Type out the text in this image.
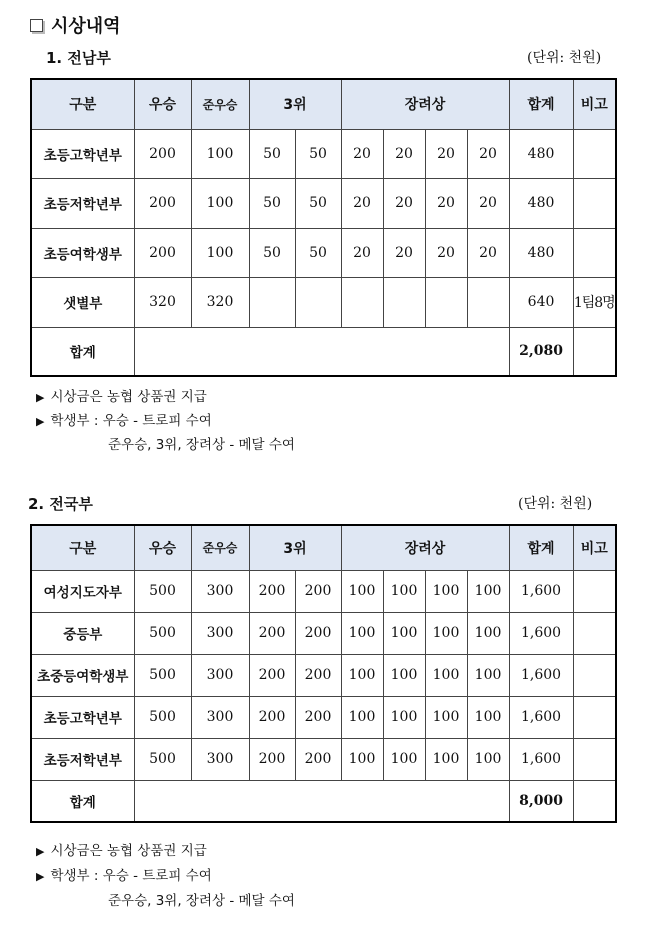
시상내역
1. 전남부	(단위: 천원)
구분	우승	준우승	3위		장려상				합계	비고
초등고학년부	200	100	50	50	20	20	20	20	480	
초등저학년부	200	100	50	50	20	20	20	20	480	
초등여학생부	200	100	50	50	20	20	20	20	480	
샛별부	320	320							640	1팀8명
합계									2,080	
▶ 시상금은 농협 상품권 지급
▶ 학생부 : 우승 - 트로피 수여
준우승, 3위, 장려상 - 메달 수여
2. 전국부	(단위: 천원)
구분	우승	준우승	3위		장려상				합계	비고
여성지도자부	500	300	200	200	100	100	100	100	1,600	
중등부	500	300	200	200	100	100	100	100	1,600	
초중등여학생부	500	300	200	200	100	100	100	100	1,600	
초등고학년부	500	300	200	200	100	100	100	100	1,600	
초등저학년부	500	300	200	200	100	100	100	100	1,600	
합계									8,000	
▶ 시상금은 농협 상품권 지급
▶ 학생부 : 우승 - 트로피 수여
준우승, 3위, 장려상 - 메달 수여
